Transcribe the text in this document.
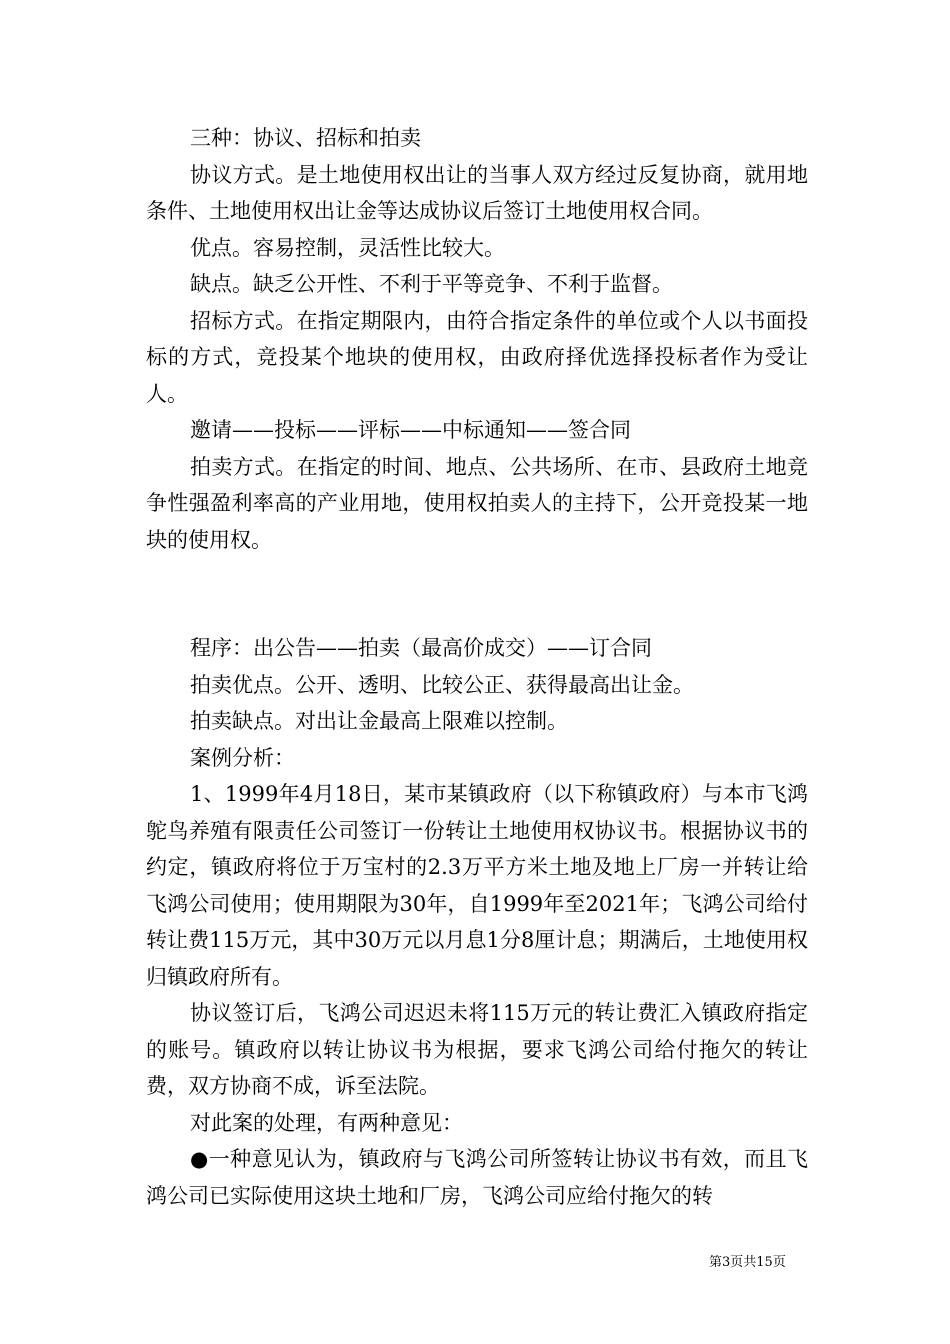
三种：协议、招标和拍卖

协议方式。是土地使用权出让的当事人双方经过反复协商，就用地条件、土地使用权出让金等达成协议后签订土地使用权合同。

优点。容易控制，灵活性比较大。

缺点。缺乏公开性、不利于平等竞争、不利于监督。

招标方式。在指定期限内，由符合指定条件的单位或个人以书面投标的方式，竞投某个地块的使用权，由政府择优选择投标者作为受让人。

邀请——投标——评标——中标通知——签合同

拍卖方式。在指定的时间、地点、公共场所、在市、县政府土地竞争性强盈利率高的产业用地，使用权拍卖人的主持下，公开竞投某一地块的使用权。

程序：出公告——拍卖（最高价成交）——订合同

拍卖优点。公开、透明、比较公正、获得最高出让金。

拍卖缺点。对出让金最高上限难以控制。

案例分析：

1、1999年4月18日，某市某镇政府（以下称镇政府）与本市飞鸿鸵鸟养殖有限责任公司签订一份转让土地使用权协议书。根据协议书的约定，镇政府将位于万宝村的2.3万平方米土地及地上厂房一并转让给飞鸿公司使用；使用期限为30年，自1999年至2021年；飞鸿公司给付转让费115万元，其中30万元以月息1分8厘计息；期满后，土地使用权归镇政府所有。

协议签订后，飞鸿公司迟迟未将115万元的转让费汇入镇政府指定的账号。镇政府以转让协议书为根据，要求飞鸿公司给付拖欠的转让费，双方协商不成，诉至法院。

对此案的处理，有两种意见：

●一种意见认为，镇政府与飞鸿公司所签转让协议书有效，而且飞鸿公司已实际使用这块土地和厂房，飞鸿公司应给付拖欠的转

第3页共15页
